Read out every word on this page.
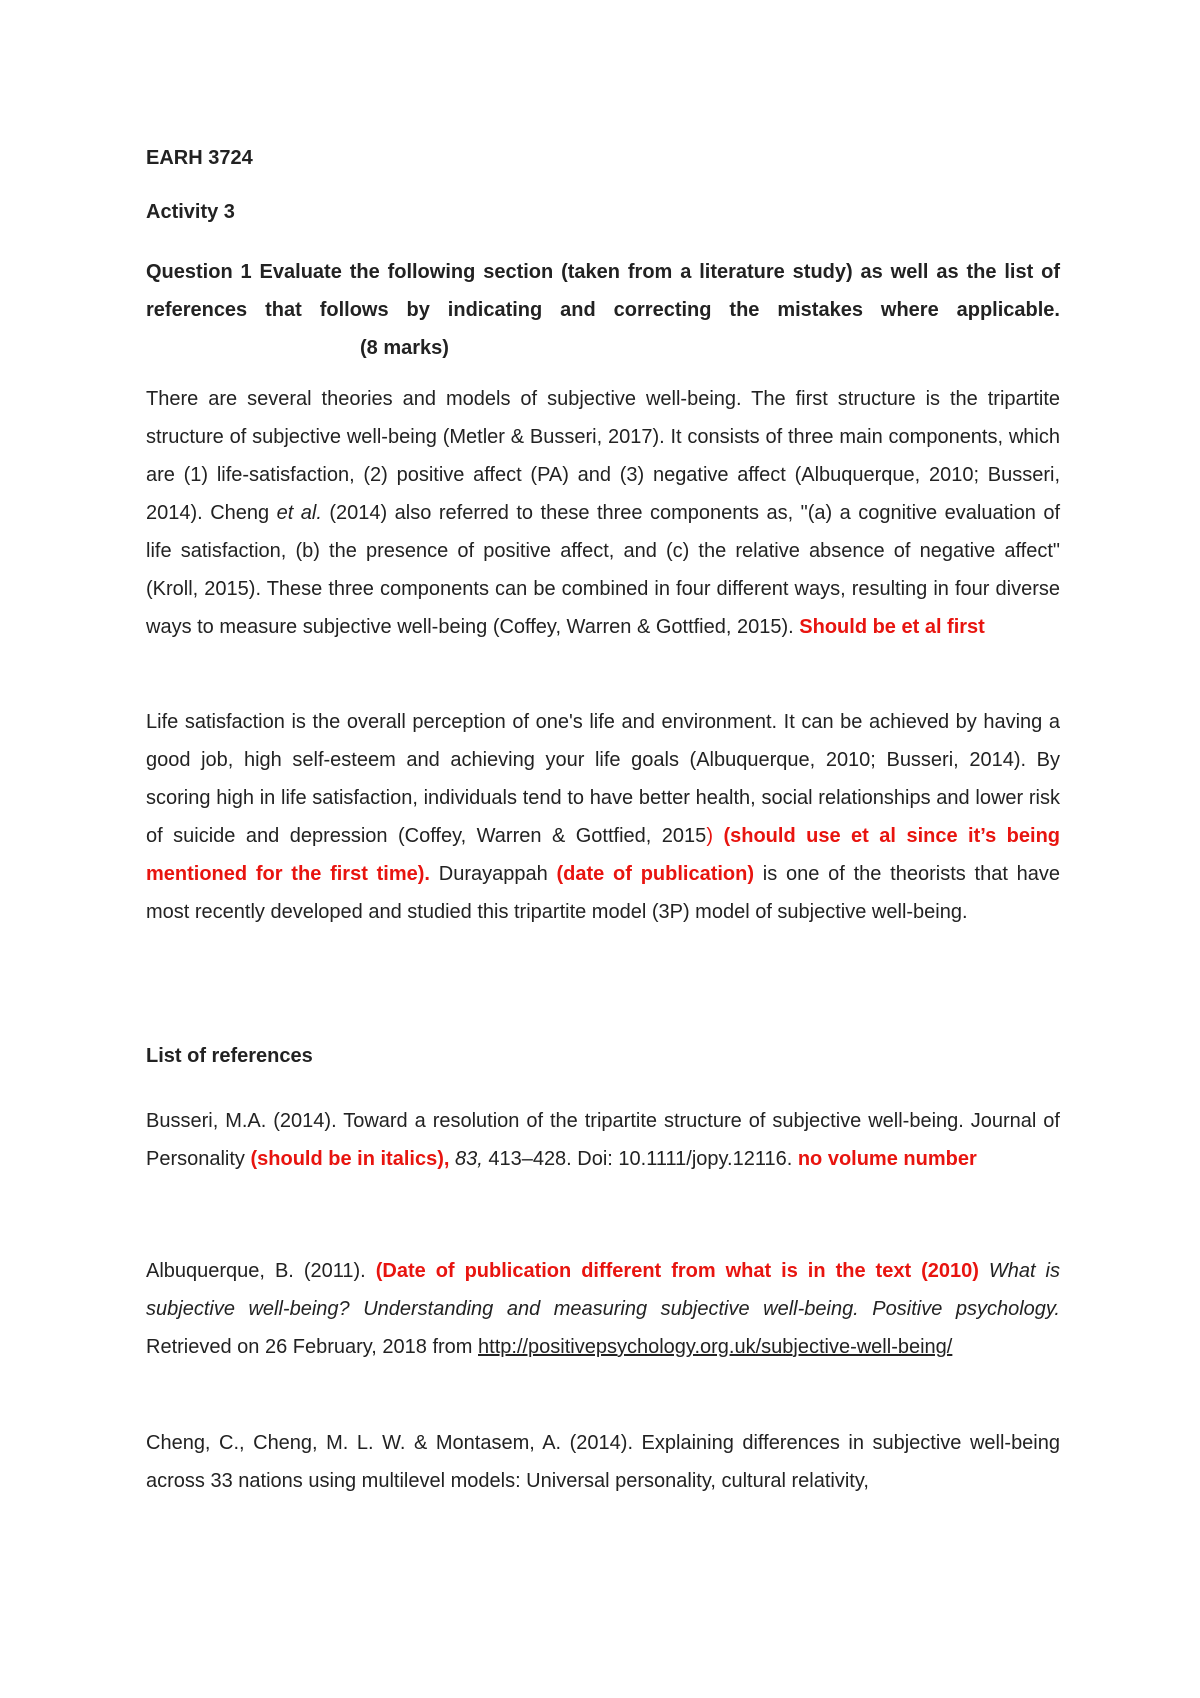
EARH 3724
Activity 3
Question 1 Evaluate the following section (taken from a literature study) as well as the list of references that follows by indicating and correcting the mistakes where applicable.(8 marks)
There are several theories and models of subjective well-being. The first structure is the tripartite structure of subjective well-being (Metler & Busseri, 2017). It consists of three main components, which are (1) life-satisfaction, (2) positive affect (PA) and (3) negative affect (Albuquerque, 2010; Busseri, 2014). Cheng et al. (2014) also referred to these three components as, "(a) a cognitive evaluation of life satisfaction, (b) the presence of positive affect, and (c) the relative absence of negative affect" (Kroll, 2015). These three components can be combined in four different ways, resulting in four diverse ways to measure subjective well-being (Coffey, Warren & Gottfied, 2015). Should be et al first
Life satisfaction is the overall perception of one's life and environment. It can be achieved by having a good job, high self-esteem and achieving your life goals (Albuquerque, 2010; Busseri, 2014). By scoring high in life satisfaction, individuals tend to have better health, social relationships and lower risk of suicide and depression (Coffey, Warren & Gottfied, 2015) (should use et al since it’s being mentioned for the first time). Durayappah (date of publication) is one of the theorists that have most recently developed and studied this tripartite model (3P) model of subjective well-being.
List of references
Busseri, M.A. (2014). Toward a resolution of the tripartite structure of subjective well-being. Journal of Personality (should be in italics), 83, 413–428. Doi: 10.1111/jopy.12116. no volume number
Albuquerque, B. (2011). (Date of publication different from what is in the text (2010) What is subjective well-being? Understanding and measuring subjective well-being. Positive psychology. Retrieved on 26 February, 2018 from http://positivepsychology.org.uk/subjective-well-being/
Cheng, C., Cheng, M. L. W. & Montasem, A. (2014). Explaining differences in subjective well-being across 33 nations using multilevel models: Universal personality, cultural relativity,
